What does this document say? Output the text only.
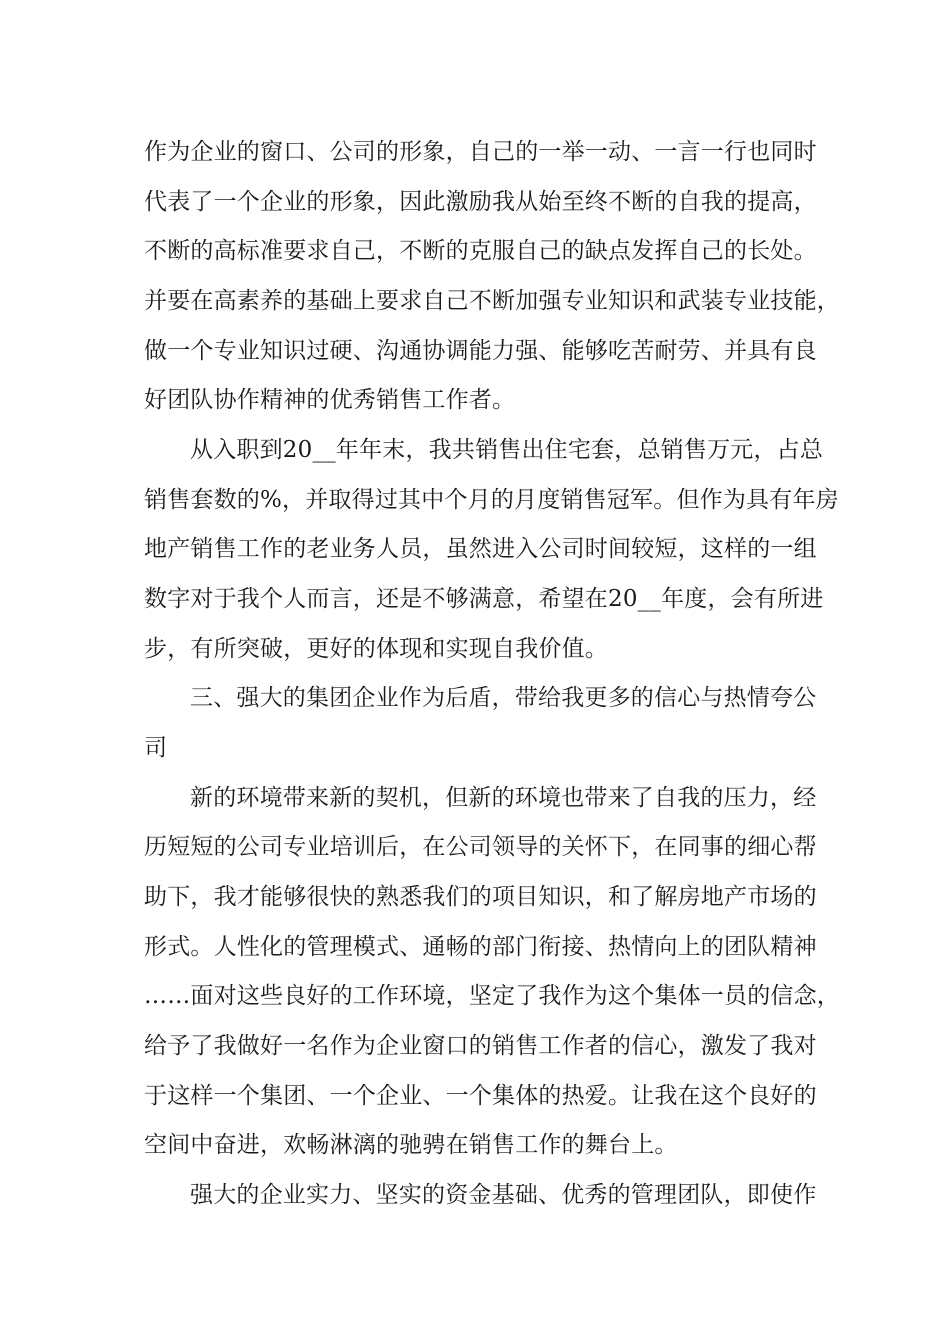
作为企业的窗口、公司的形象，自己的一举一动、一言一行也同时
代表了一个企业的形象，因此激励我从始至终不断的自我的提高，
不断的高标准要求自己，不断的克服自己的缺点发挥自己的长处。
并要在高素养的基础上要求自己不断加强专业知识和武装专业技能，
做一个专业知识过硬、沟通协调能力强、能够吃苦耐劳、并具有良
好团队协作精神的优秀销售工作者。
从入职到20__年年末，我共销售出住宅套，总销售万元，占总
销售套数的%，并取得过其中个月的月度销售冠军。但作为具有年房
地产销售工作的老业务人员，虽然进入公司时间较短，这样的一组
数字对于我个人而言，还是不够满意，希望在20__年度，会有所进
步，有所突破，更好的体现和实现自我价值。
三、强大的集团企业作为后盾，带给我更多的信心与热情夸公
司
新的环境带来新的契机，但新的环境也带来了自我的压力，经
历短短的公司专业培训后，在公司领导的关怀下，在同事的细心帮
助下，我才能够很快的熟悉我们的项目知识，和了解房地产市场的
形式。人性化的管理模式、通畅的部门衔接、热情向上的团队精神
……面对这些良好的工作环境，坚定了我作为这个集体一员的信念，
给予了我做好一名作为企业窗口的销售工作者的信心，激发了我对
于这样一个集团、一个企业、一个集体的热爱。让我在这个良好的
空间中奋进，欢畅淋漓的驰骋在销售工作的舞台上。
强大的企业实力、坚实的资金基础、优秀的管理团队，即使作
